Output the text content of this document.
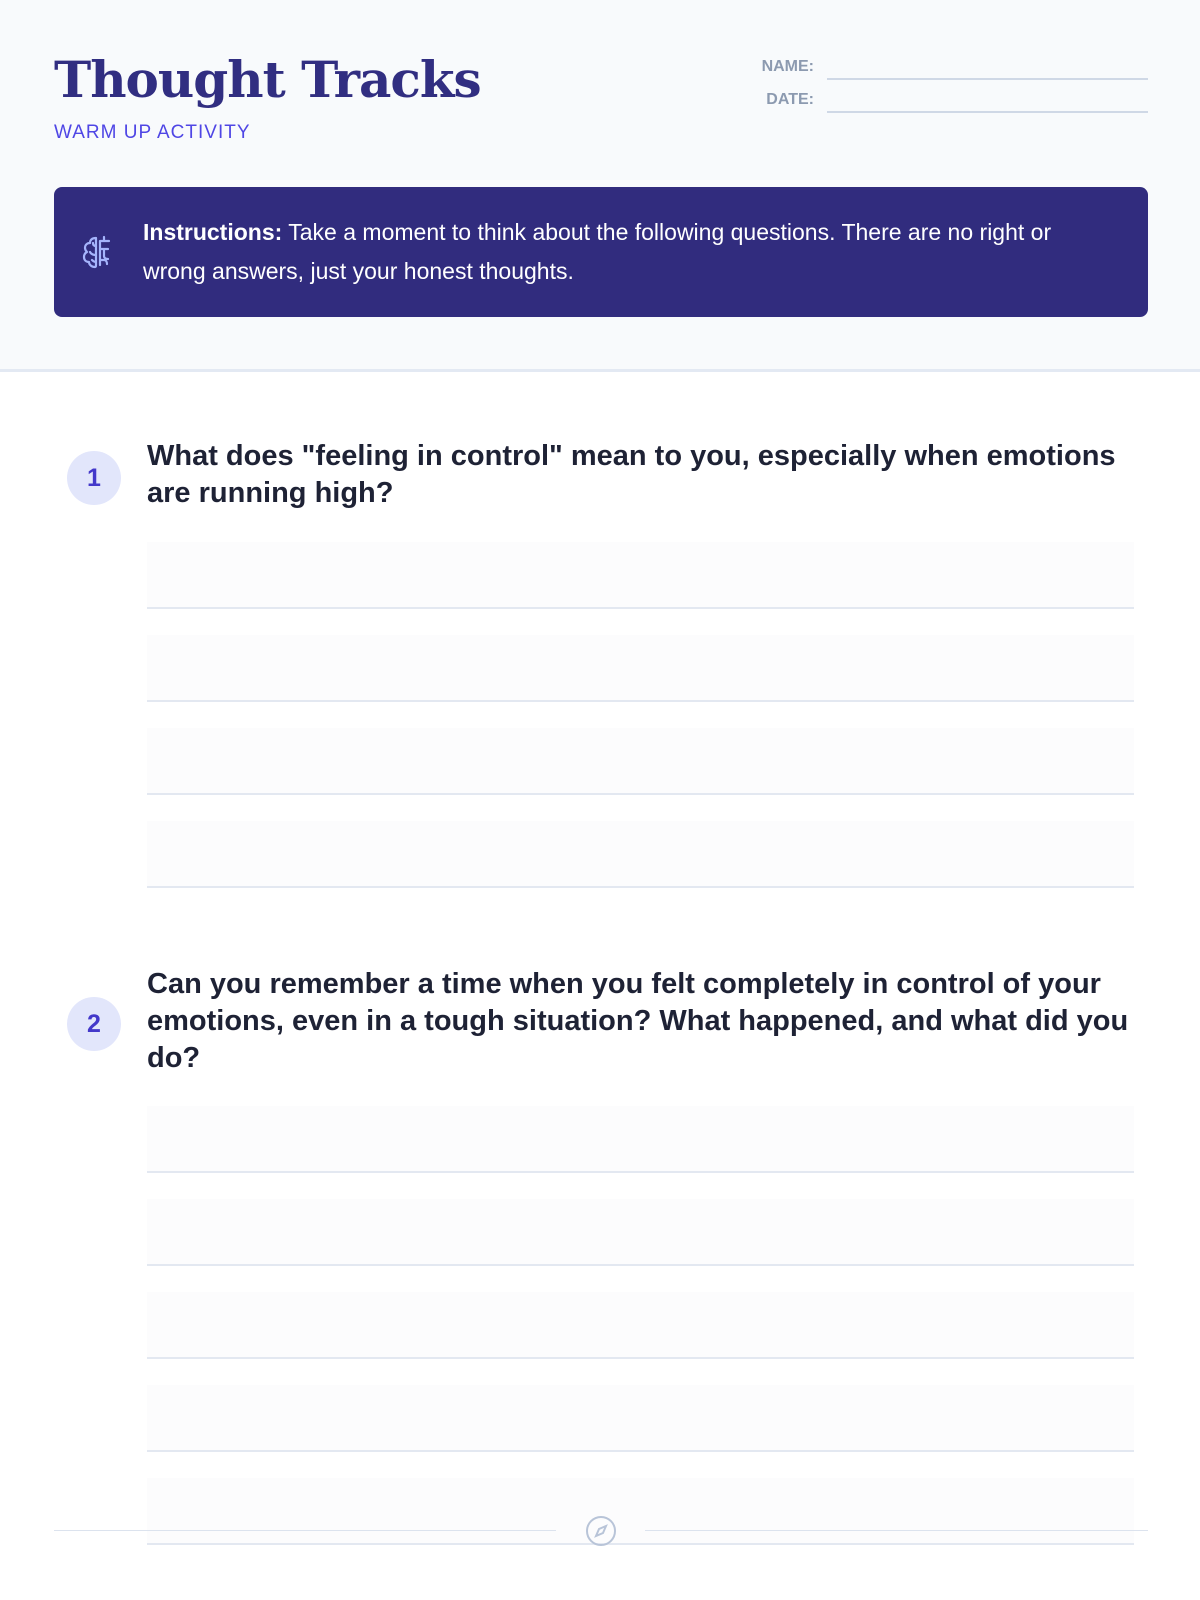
Thought Tracks
WARM UP ACTIVITY
NAME:
DATE:

Instructions: Take a moment to think about the following questions. There are no right or wrong answers, just your honest thoughts.

1
What does "feeling in control" mean to you, especially when emotions are running high?
2
Can you remember a time when you felt completely in control of your emotions, even in a tough situation? What happened, and what did you do?
